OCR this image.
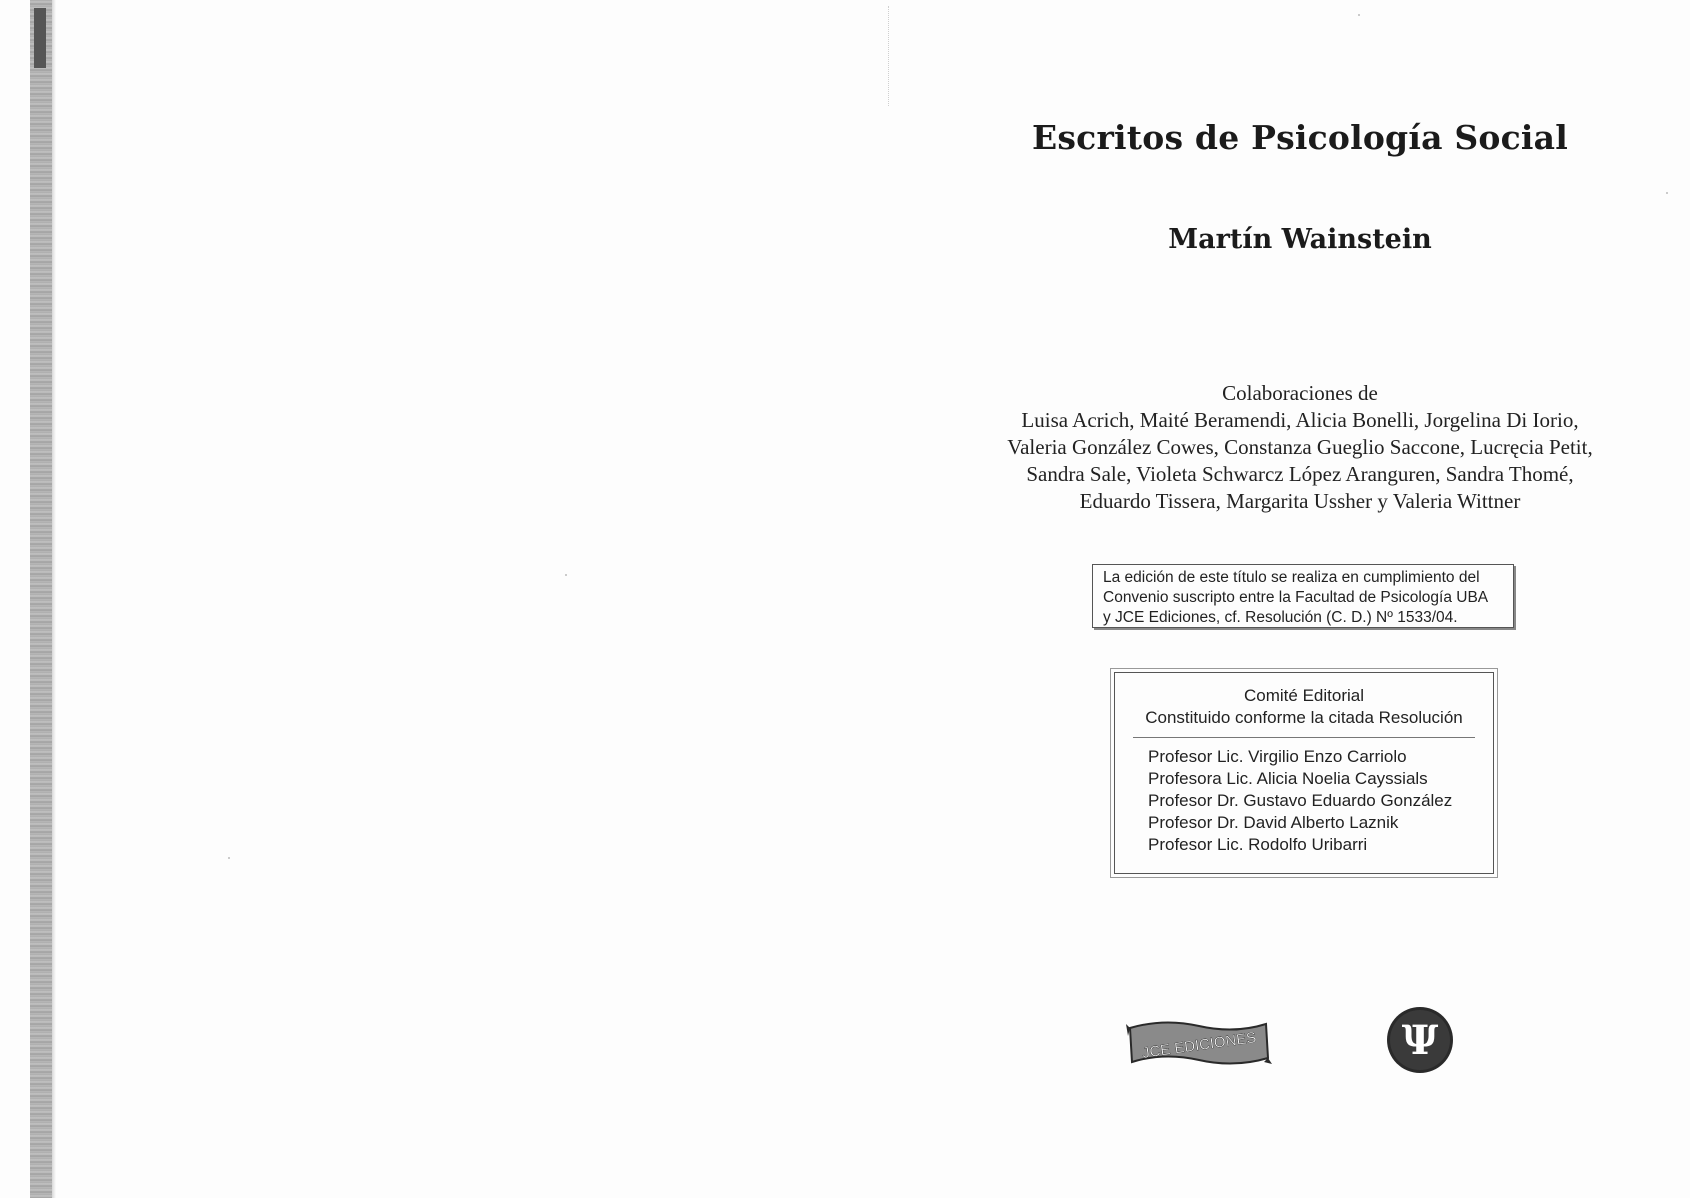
Escritos de Psicología Social
Martín Wainstein
Colaboraciones de
Luisa Acrich, Maité Beramendi, Alicia Bonelli, Jorgelina Di Iorio,
Valeria González Cowes, Constanza Gueglio Saccone, Lucręcia Petit,
Sandra Sale, Violeta Schwarcz López Aranguren, Sandra Thomé,
Eduardo Tissera, Margarita Ussher y Valeria Wittner
La edición de este título se realiza en cumplimiento del
Convenio suscripto entre la Facultad de Psicología UBA
y JCE Ediciones, cf. Resolución (C. D.) Nº 1533/04.
Comité Editorial
Constituido conforme la citada Resolución
Profesor Lic. Virgilio Enzo Carriolo
Profesora Lic. Alicia Noelia Cayssials
Profesor Dr. Gustavo Eduardo González
Profesor Dr. David Alberto Laznik
Profesor Lic. Rodolfo Uribarri
JCE EDICIONES	Ψ
